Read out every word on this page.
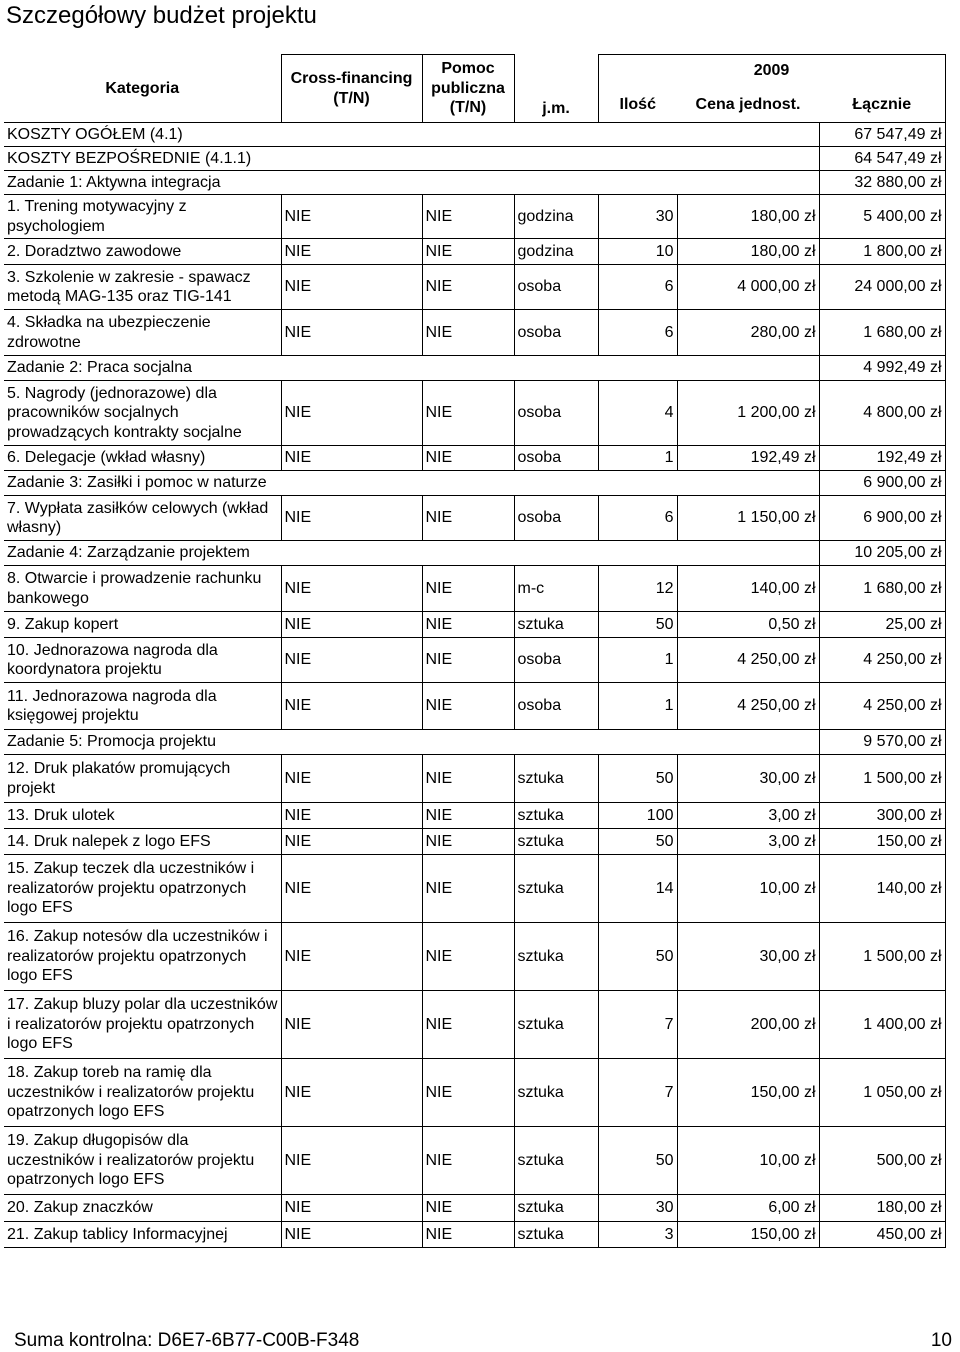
Szczegółowy budżet projektu
Kategoria	Cross-financing (T/N)	Pomoc publiczna (T/N)	j.m.	2009		
				Ilość	Cena jednost.	Łącznie
KOSZTY OGÓŁEM (4.1)						67 547,49 zł
KOSZTY BEZPOŚREDNIE (4.1.1)						64 547,49 zł
Zadanie 1: Aktywna integracja						32 880,00 zł
1. Trening motywacyjny z psychologiem	NIE	NIE	godzina	30	180,00 zł	5 400,00 zł
2. Doradztwo zawodowe	NIE	NIE	godzina	10	180,00 zł	1 800,00 zł
3. Szkolenie w zakresie - spawacz metodą MAG-135 oraz TIG-141	NIE	NIE	osoba	6	4 000,00 zł	24 000,00 zł
4. Składka na ubezpieczenie zdrowotne	NIE	NIE	osoba	6	280,00 zł	1 680,00 zł
Zadanie 2: Praca socjalna						4 992,49 zł
5. Nagrody (jednorazowe) dla pracowników socjalnych prowadzących kontrakty socjalne	NIE	NIE	osoba	4	1 200,00 zł	4 800,00 zł
6. Delegacje (wkład własny)	NIE	NIE	osoba	1	192,49 zł	192,49 zł
Zadanie 3: Zasiłki i pomoc w naturze						6 900,00 zł
7. Wypłata zasiłków celowych (wkład własny)	NIE	NIE	osoba	6	1 150,00 zł	6 900,00 zł
Zadanie 4: Zarządzanie projektem						10 205,00 zł
8. Otwarcie i prowadzenie rachunku bankowego	NIE	NIE	m-c	12	140,00 zł	1 680,00 zł
9. Zakup kopert	NIE	NIE	sztuka	50	0,50 zł	25,00 zł
10. Jednorazowa nagroda dla koordynatora projektu	NIE	NIE	osoba	1	4 250,00 zł	4 250,00 zł
11. Jednorazowa nagroda dla księgowej projektu	NIE	NIE	osoba	1	4 250,00 zł	4 250,00 zł
Zadanie 5: Promocja projektu						9 570,00 zł
12. Druk plakatów promujących projekt	NIE	NIE	sztuka	50	30,00 zł	1 500,00 zł
13. Druk ulotek	NIE	NIE	sztuka	100	3,00 zł	300,00 zł
14. Druk nalepek z logo EFS	NIE	NIE	sztuka	50	3,00 zł	150,00 zł
15. Zakup teczek dla uczestników i realizatorów projektu opatrzonych logo EFS	NIE	NIE	sztuka	14	10,00 zł	140,00 zł
16. Zakup notesów dla uczestników i realizatorów projektu opatrzonych logo EFS	NIE	NIE	sztuka	50	30,00 zł	1 500,00 zł
17. Zakup bluzy polar dla uczestników i realizatorów projektu opatrzonych logo EFS	NIE	NIE	sztuka	7	200,00 zł	1 400,00 zł
18. Zakup toreb na ramię dla uczestników i realizatorów projektu opatrzonych logo EFS	NIE	NIE	sztuka	7	150,00 zł	1 050,00 zł
19. Zakup długopisów dla uczestników i realizatorów projektu opatrzonych logo EFS	NIE	NIE	sztuka	50	10,00 zł	500,00 zł
20. Zakup znaczków	NIE	NIE	sztuka	30	6,00 zł	180,00 zł
21. Zakup tablicy Informacyjnej	NIE	NIE	sztuka	3	150,00 zł	450,00 zł
Suma kontrolna: D6E7-6B77-C00B-F348	10
